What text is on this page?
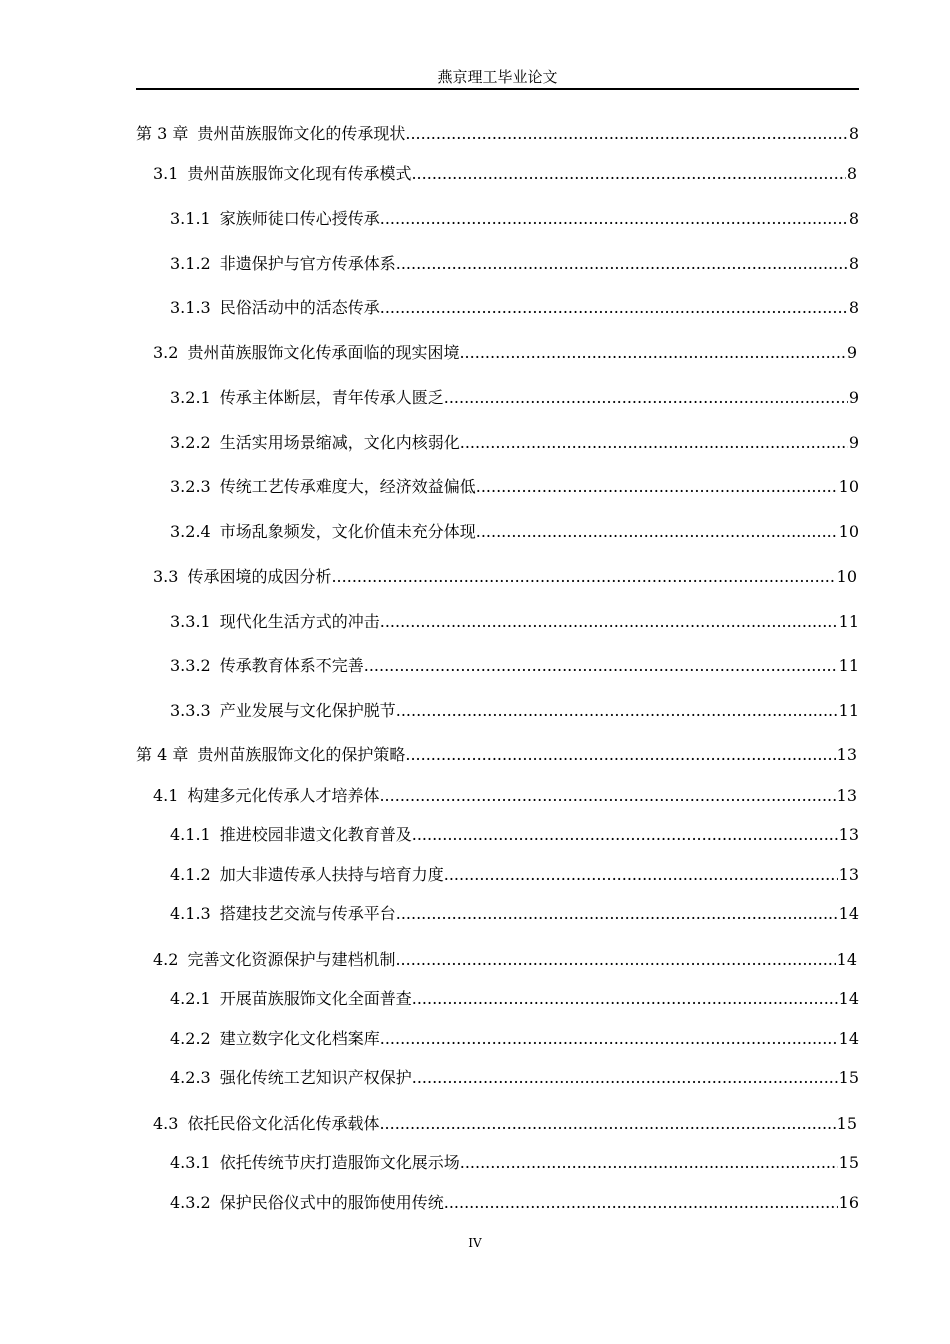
燕京理工毕业论文
第 3 章 贵州苗族服饰文化的传承现状 .....	8
3.1 贵州苗族服饰文化现有传承模式 .....	8
3.1.1 家族师徒口传心授传承 .....	8
3.1.2 非遗保护与官方传承体系 .....	8
3.1.3 民俗活动中的活态传承 .....	8
3.2 贵州苗族服饰文化传承面临的现实困境 .....	9
3.2.1 传承主体断层，青年传承人匮乏 .....	9
3.2.2 生活实用场景缩减，文化内核弱化 .....	9
3.2.3 传统工艺传承难度大，经济效益偏低 .....	10
3.2.4 市场乱象频发，文化价值未充分体现 .....	10
3.3 传承困境的成因分析 .....	10
3.3.1 现代化生活方式的冲击 .....	11
3.3.2 传承教育体系不完善 .....	11
3.3.3 产业发展与文化保护脱节 .....	11
第 4 章 贵州苗族服饰文化的保护策略 .....	13
4.1 构建多元化传承人才培养体 .....	13
4.1.1 推进校园非遗文化教育普及 .....	13
4.1.2 加大非遗传承人扶持与培育力度 .....	13
4.1.3 搭建技艺交流与传承平台 .....	14
4.2 完善文化资源保护与建档机制 .....	14
4.2.1 开展苗族服饰文化全面普查 .....	14
4.2.2 建立数字化文化档案库 .....	14
4.2.3 强化传统工艺知识产权保护 .....	15
4.3 依托民俗文化活化传承载体 .....	15
4.3.1 依托传统节庆打造服饰文化展示场 .....	15
4.3.2 保护民俗仪式中的服饰使用传统 .....	16
IV
